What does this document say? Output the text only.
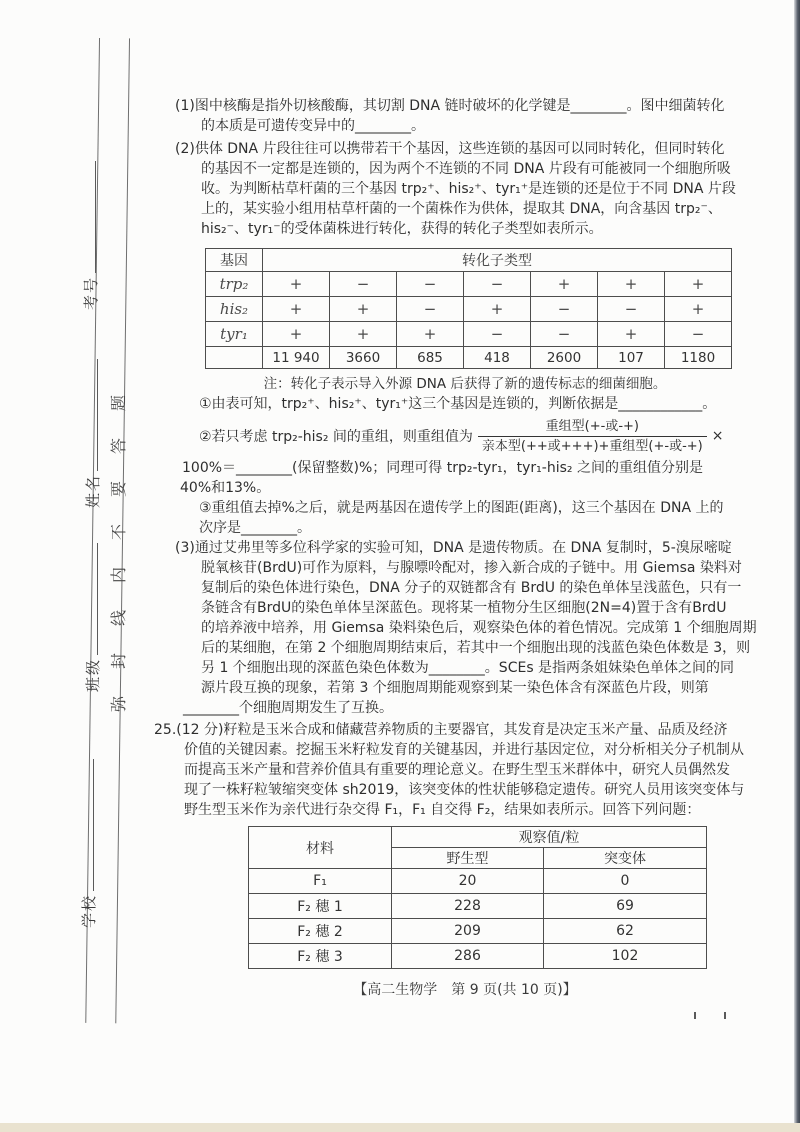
考号
姓名
班级
学校
弥封线内不要答题
(1)图中核酶是指外切核酸酶，其切割 DNA 链时破坏的化学键是________。图中细菌转化
的本质是可遗传变异中的________。
(2)供体 DNA 片段往往可以携带若干个基因，这些连锁的基因可以同时转化，但同时转化
的基因不一定都是连锁的，因为两个不连锁的不同 DNA 片段有可能被同一个细胞所吸
收。为判断枯草杆菌的三个基因 trp₂⁺、his₂⁺、tyr₁⁺是连锁的还是位于不同 DNA 片段
上的，某实验小组用枯草杆菌的一个菌株作为供体，提取其 DNA，向含基因 trp₂⁻、
his₂⁻、tyr₁⁻的受体菌株进行转化，获得的转化子类型如表所示。
基因	转化子类型						
trp₂	+	−	−	−	+	+	+
his₂	+	+	−	+	−	−	+
tyr₁	+	+	+	−	−	+	−
	11 940	3660	685	418	2600	107	1180
注：转化子表示导入外源 DNA 后获得了新的遗传标志的细菌细胞。
①由表可知，trp₂⁺、his₂⁺、tyr₁⁺这三个基因是连锁的，判断依据是____________。
②若只考虑 trp₂-his₂ 间的重组，则重组值为 $\frac{\text{重组型(+-或-+)}}{\text{亲本型(++或+++)+重组型(+-或-+)}}$ ×
100%＝________(保留整数)%；同理可得 trp₂-tyr₁，tyr₁-his₂ 之间的重组值分别是
40%和13%。
③重组值去掉%之后，就是两基因在遗传学上的图距(距离)，这三个基因在 DNA 上的
次序是________。
(3)通过艾弗里等多位科学家的实验可知，DNA 是遗传物质。在 DNA 复制时，5-溴尿嘧啶
脱氧核苷(BrdU)可作为原料，与腺嘌呤配对，掺入新合成的子链中。用 Giemsa 染料对
复制后的染色体进行染色，DNA 分子的双链都含有 BrdU 的染色单体呈浅蓝色，只有一
条链含有BrdU的染色单体呈深蓝色。现将某一植物分生区细胞(2N=4)置于含有BrdU
的培养液中培养，用 Giemsa 染料染色后，观察染色体的着色情况。完成第 1 个细胞周期
后的某细胞，在第 2 个细胞周期结束后，若其中一个细胞出现的浅蓝色染色体数是 3，则
另 1 个细胞出现的深蓝色染色体数为________。SCEs 是指两条姐妹染色单体之间的同
源片段互换的现象，若第 3 个细胞周期能观察到某一染色体含有深蓝色片段，则第
________个细胞周期发生了互换。
25.(12 分)籽粒是玉米合成和储藏营养物质的主要器官，其发育是决定玉米产量、品质及经济
价值的关键因素。挖掘玉米籽粒发育的关键基因，并进行基因定位，对分析相关分子机制从
而提高玉米产量和营养价值具有重要的理论意义。在野生型玉米群体中，研究人员偶然发
现了一株籽粒皱缩突变体 sh2019，该突变体的性状能够稳定遗传。研究人员用该突变体与
野生型玉米作为亲代进行杂交得 F₁，F₁ 自交得 F₂，结果如表所示。回答下列问题：
材料	观察值/粒	
	野生型	突变体
F₁	20	0
F₂ 穗 1	228	69
F₂ 穗 2	209	62
F₂ 穗 3	286	102
【高二生物学　第 9 页(共 10 页)】
